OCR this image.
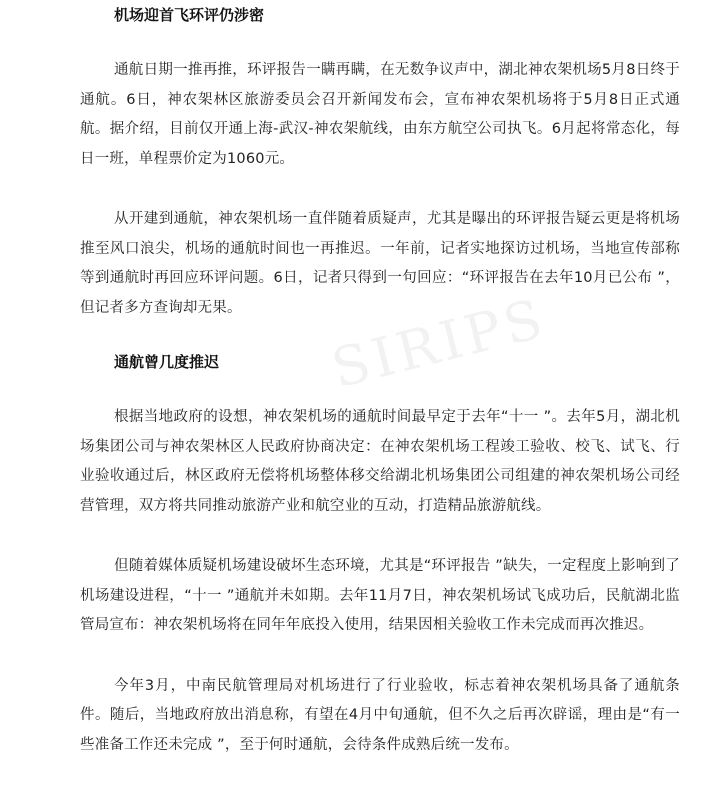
SIRIPS
机场迎首飞环评仍涉密

通航日期一推再推，环评报告一瞒再瞒，在无数争议声中，湖北神农架机场5月8日终于通航。6日，神农架林区旅游委员会召开新闻发布会，宣布神农架机场将于5月8日正式通航。据介绍，目前仅开通上海-武汉-神农架航线，由东方航空公司执飞。6月起将常态化，每日一班，单程票价定为1060元。

从开建到通航，神农架机场一直伴随着质疑声，尤其是曝出的环评报告疑云更是将机场推至风口浪尖，机场的通航时间也一再推迟。一年前，记者实地探访过机场，当地宣传部称等到通航时再回应环评问题。6日，记者只得到一句回应：“环评报告在去年10月已公布 ”，但记者多方查询却无果。

通航曾几度推迟

根据当地政府的设想，神农架机场的通航时间最早定于去年“十一 ”。去年5月，湖北机场集团公司与神农架林区人民政府协商决定：在神农架机场工程竣工验收、校飞、试飞、行业验收通过后，林区政府无偿将机场整体移交给湖北机场集团公司组建的神农架机场公司经营管理，双方将共同推动旅游产业和航空业的互动，打造精品旅游航线。

但随着媒体质疑机场建设破坏生态环境，尤其是“环评报告 ”缺失，一定程度上影响到了机场建设进程，“十一 ”通航并未如期。去年11月7日，神农架机场试飞成功后，民航湖北监管局宣布：神农架机场将在同年年底投入使用，结果因相关验收工作未完成而再次推迟。

今年3月，中南民航管理局对机场进行了行业验收，标志着神农架机场具备了通航条件。随后，当地政府放出消息称，有望在4月中旬通航，但不久之后再次辟谣，理由是“有一些准备工作还未完成 ”，至于何时通航，会待条件成熟后统一发布。
